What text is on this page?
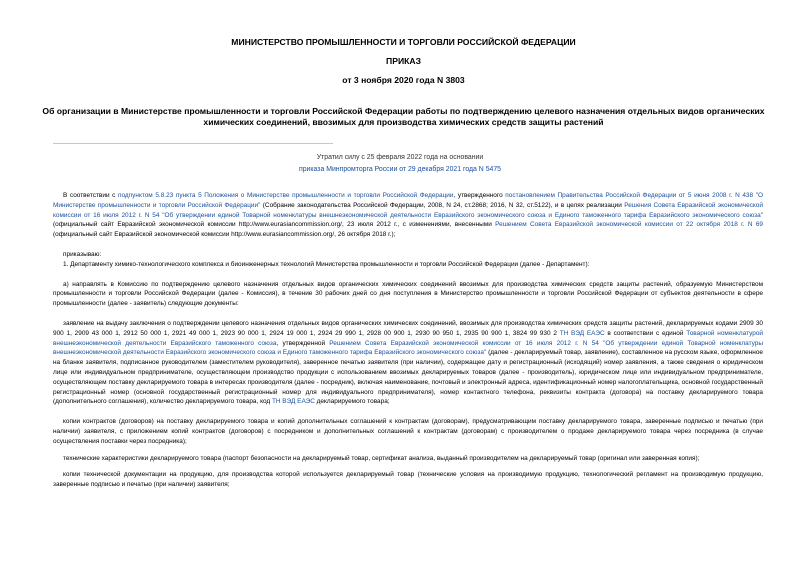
МИНИСТЕРСТВО ПРОМЫШЛЕННОСТИ И ТОРГОВЛИ РОССИЙСКОЙ ФЕДЕРАЦИИ
ПРИКАЗ
от 3 ноября 2020 года N 3803
Об организации в Министерстве промышленности и торговли Российской Федерации работы по подтверждению целевого назначения отдельных видов органических химических соединений, ввозимых для производства химических средств защиты растений
Утратил силу с 25 февраля 2022 года на основании
приказа Минпромторга России от 29 декабря 2021 года N 5475

В соответствии с подпунктом 5.8.23 пункта 5 Положения о Министерстве промышленности и торговли Российской Федерации, утвержденного постановлением Правительства Российской Федерации от 5 июня 2008 г. N 438 "О Министерстве промышленности и торговли Российской Федерации" (Собрание законодательства Российской Федерации, 2008, N 24, ст.2868; 2016, N 32, ст.5122), и в целях реализации Решения Совета Евразийской экономической комиссии от 16 июля 2012 г. N 54 "Об утверждении единой Товарной номенклатуры внешнеэкономической деятельности Евразийского экономического союза и Единого таможенного тарифа Евразийского экономического союза" (официальный сайт Евразийской экономической комиссии http://www.eurasiancommission.org/, 23 июля 2012 г., с изменениями, внесенными Решением Совета Евразийской экономической комиссии от 22 октября 2018 г. N 69 (официальный сайт Евразийской экономической комиссии http://www.eurasiancommission.org/, 26 октября 2018 г.);

приказываю:

1. Департаменту химико-технологического комплекса и биоинженерных технологий Министерства промышленности и торговли Российской Федерации (далее - Департамент):

а) направлять в Комиссию по подтверждению целевого назначения отдельных видов органических химических соединений ввозимых для производства химических средств защиты растений, образуемую Министерством промышленности и торговли Российской Федерации (далее - Комиссия), в течение 30 рабочих дней со дня поступления в Министерство промышленности и торговли Российской Федерации от субъектов деятельности в сфере промышленности (далее - заявитель) следующие документы:

заявление на выдачу заключения о подтверждении целевого назначения отдельных видов органических химических соединений, ввозимых для производства химических средств защиты растений, декларируемых кодами 2909 30 900 1, 2909 43 000 1, 2912 50 000 1, 2921 49 000 1, 2923 90 000 1, 2924 19 000 1, 2924 29 990 1, 2928 00 900 1, 2930 90 950 1, 2935 90 900 1, 3824 99 930 2 ТН ВЭД ЕАЭС в соответствии с единой Товарной номенклатурой внешнеэкономической деятельности Евразийского таможенного союза, утвержденной Решением Совета Евразийской экономической комиссии от 16 июля 2012 г. N 54 "Об утверждении единой Товарной номенклатуры внешнеэкономической деятельности Евразийского экономического союза и Единого таможенного тарифа Евразийского экономического союза" (далее - декларируемый товар, заявление), составленное на русском языке, оформленное на бланке заявителя, подписанное руководителем (заместителем руководителя), заверенное печатью заявителя (при наличии), содержащее дату и регистрационный (исходящий) номер заявления, а также сведения о юридическом лице или индивидуальном предпринимателе, осуществляющем производство продукции с использованием ввозимых декларируемых товаров (далее - производитель), юридическом лице или индивидуальном предпринимателе, осуществляющем поставку декларируемого товара в интересах производителя (далее - посредник), включая наименование, почтовый и электронный адреса, идентификационный номер налогоплательщика, основной государственный регистрационный номер (основной государственный регистрационный номер для индивидуального предпринимателя), номер контактного телефона, реквизиты контракта (договора) на поставку декларируемого товара (дополнительного соглашения), количество декларируемого товара, код ТН ВЭД ЕАЭС декларируемого товара;

копии контрактов (договоров) на поставку декларируемого товара и копий дополнительных соглашений к контрактам (договорам), предусматривающим поставку декларируемого товара, заверенные подписью и печатью (при наличии) заявителя, с приложением копий контрактов (договоров) с посредником и дополнительных соглашений к контрактам (договорам) с производителем о продаже декларируемого товара через посредника (в случае осуществления поставки через посредника);

технические характеристики декларируемого товара (паспорт безопасности на декларируемый товар, сертификат анализа, выданный производителем на декларируемый товар (оригинал или заверенная копия);

копии технической документации на продукцию, для производства которой используется декларируемый товар (технические условия на производимую продукцию, технологический регламент на производимую продукцию, заверенные подписью и печатью (при наличии) заявителя;
